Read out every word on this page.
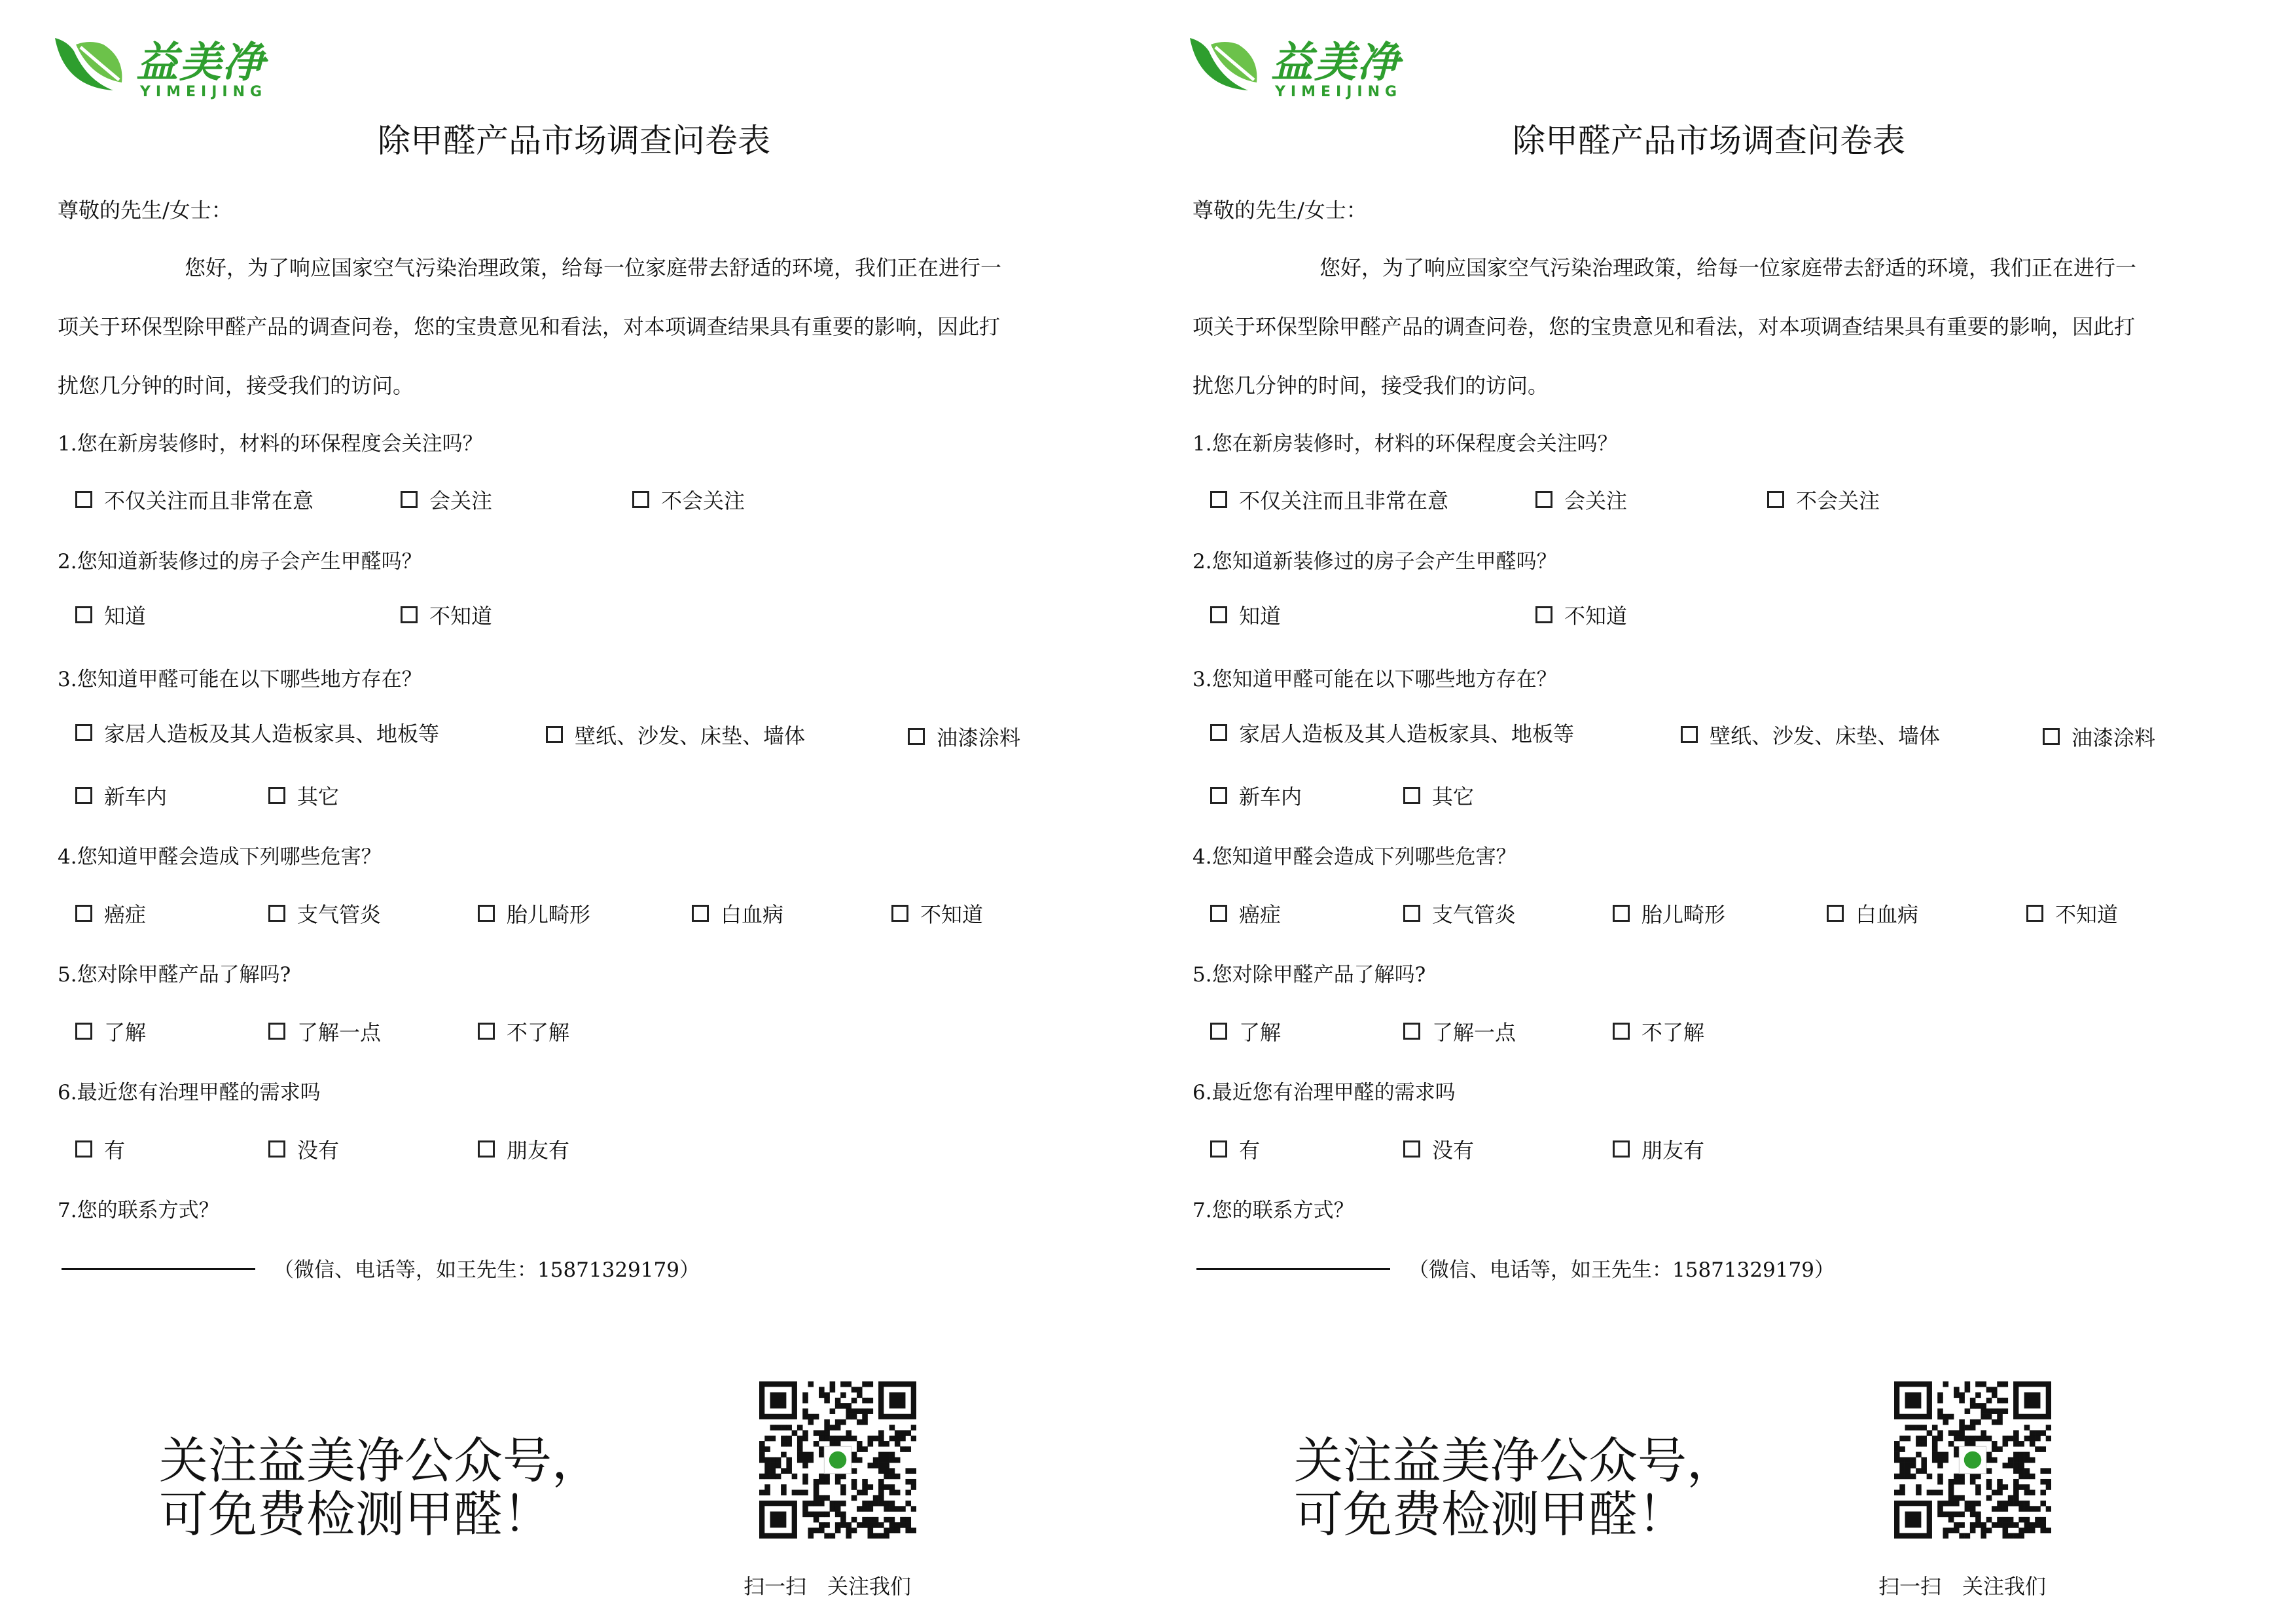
益美净
YIMEIJING
除甲醛产品市场调查问卷表
尊敬的先生/女士：
您好，为了响应国家空气污染治理政策，给每一位家庭带去舒适的环境，我们正在进行一
项关于环保型除甲醛产品的调查问卷，您的宝贵意见和看法，对本项调查结果具有重要的影响，因此打
扰您几分钟的时间，接受我们的访问。
1.您在新房装修时，材料的环保程度会关注吗？
不仅关注而且非常在意	会关注	不会关注
2.您知道新装修过的房子会产生甲醛吗？
知道	不知道
3.您知道甲醛可能在以下哪些地方存在？
家居人造板及其人造板家具、地板等	壁纸、沙发、床垫、墙体	油漆涂料
新车内	其它
4.您知道甲醛会造成下列哪些危害？
癌症	支气管炎	胎儿畸形	白血病	不知道
5.您对除甲醛产品了解吗?
了解	了解一点	不了解
6.最近您有治理甲醛的需求吗
有	没有	朋友有
7.您的联系方式？
（微信、电话等，如王先生：15871329179）
关注益美净公众号，
可免费检测甲醛！
扫一扫　关注我们
益美净
YIMEIJING
除甲醛产品市场调查问卷表
尊敬的先生/女士：
您好，为了响应国家空气污染治理政策，给每一位家庭带去舒适的环境，我们正在进行一
项关于环保型除甲醛产品的调查问卷，您的宝贵意见和看法，对本项调查结果具有重要的影响，因此打
扰您几分钟的时间，接受我们的访问。
1.您在新房装修时，材料的环保程度会关注吗？
不仅关注而且非常在意	会关注	不会关注
2.您知道新装修过的房子会产生甲醛吗？
知道	不知道
3.您知道甲醛可能在以下哪些地方存在？
家居人造板及其人造板家具、地板等	壁纸、沙发、床垫、墙体	油漆涂料
新车内	其它
4.您知道甲醛会造成下列哪些危害？
癌症	支气管炎	胎儿畸形	白血病	不知道
5.您对除甲醛产品了解吗?
了解	了解一点	不了解
6.最近您有治理甲醛的需求吗
有	没有	朋友有
7.您的联系方式？
（微信、电话等，如王先生：15871329179）
关注益美净公众号，
可免费检测甲醛！
扫一扫　关注我们
